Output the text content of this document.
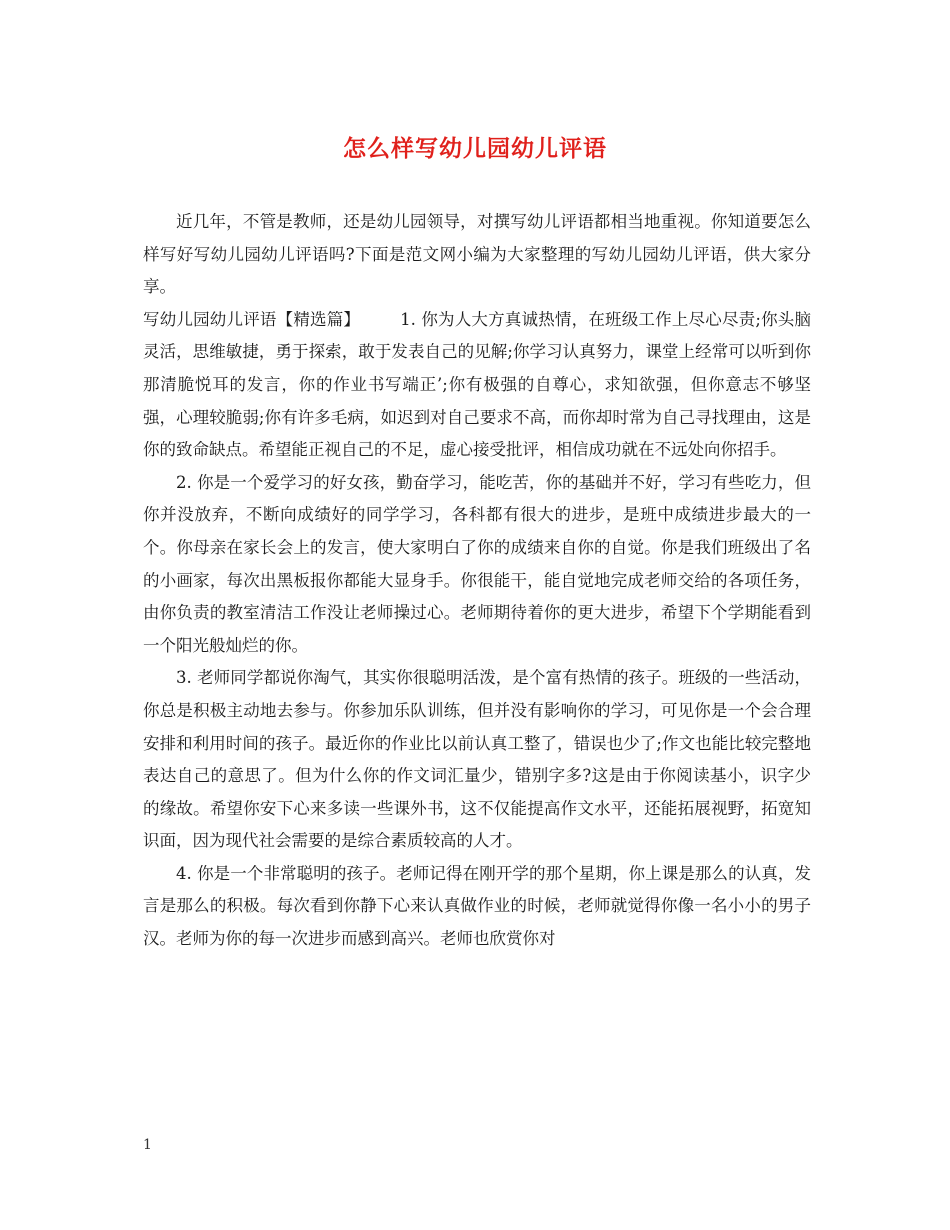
怎么样写幼儿园幼儿评语

近几年，不管是教师，还是幼儿园领导，对撰写幼儿评语都相当地重视。你知道要怎么样写好写幼儿园幼儿评语吗?下面是范文网小编为大家整理的写幼儿园幼儿评语，供大家分享。

写幼儿园幼儿评语【精选篇】 1. 你为人大方真诚热情，在班级工作上尽心尽责;你头脑灵活，思维敏捷，勇于探索，敢于发表自己的见解;你学习认真努力，课堂上经常可以听到你那清脆悦耳的发言，你的作业书写端正’;你有极强的自尊心，求知欲强，但你意志不够坚强，心理较脆弱;你有许多毛病，如迟到对自己要求不高，而你却时常为自己寻找理由，这是你的致命缺点。希望能正视自己的不足，虚心接受批评，相信成功就在不远处向你招手。

2. 你是一个爱学习的好女孩，勤奋学习，能吃苦，你的基础并不好，学习有些吃力，但你并没放弃，不断向成绩好的同学学习，各科都有很大的进步，是班中成绩进步最大的一个。你母亲在家长会上的发言，使大家明白了你的成绩来自你的自觉。你是我们班级出了名的小画家，每次出黑板报你都能大显身手。你很能干，能自觉地完成老师交给的各项任务，由你负责的教室清洁工作没让老师操过心。老师期待着你的更大进步，希望下个学期能看到一个阳光般灿烂的你。

3. 老师同学都说你淘气，其实你很聪明活泼，是个富有热情的孩子。班级的一些活动，你总是积极主动地去参与。你参加乐队训练，但并没有影响你的学习，可见你是一个会合理安排和利用时间的孩子。最近你的作业比以前认真工整了，错误也少了;作文也能比较完整地表达自己的意思了。但为什么你的作文词汇量少，错别字多?这是由于你阅读基小，识字少的缘故。希望你安下心来多读一些课外书，这不仅能提高作文水平，还能拓展视野，拓宽知识面，因为现代社会需要的是综合素质较高的人才。

4. 你是一个非常聪明的孩子。老师记得在刚开学的那个星期，你上课是那么的认真，发言是那么的积极。每次看到你静下心来认真做作业的时候，老师就觉得你像一名小小的男子汉。老师为你的每一次进步而感到高兴。老师也欣赏你对

1
